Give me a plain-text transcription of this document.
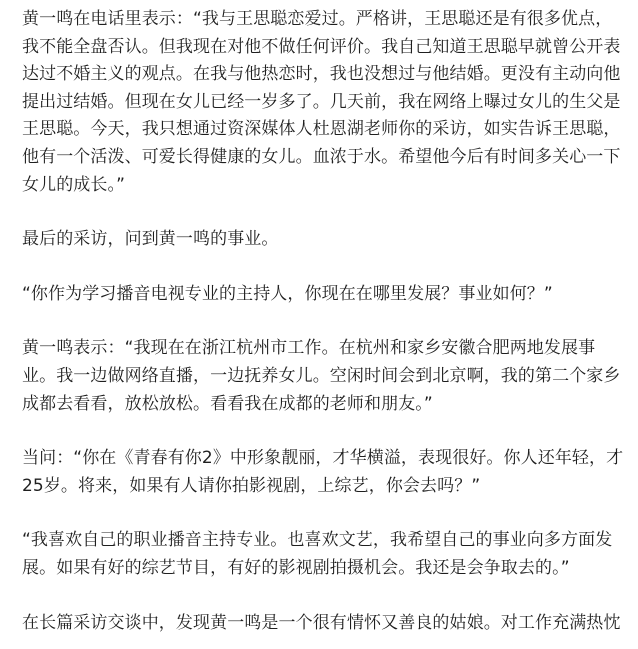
黄一鸣在电话里表示：“我与王思聪恋爱过。严格讲，王思聪还是有很多优点，我不能全盘否认。但我现在对他不做任何评价。我自己知道王思聪早就曾公开表达过不婚主义的观点。在我与他热恋时，我也没想过与他结婚。更没有主动向他提出过结婚。但现在女儿已经一岁多了。几天前，我在网络上曝过女儿的生父是王思聪。今天，我只想通过资深媒体人杜恩湖老师你的采访，如实告诉王思聪，他有一个活泼、可爱长得健康的女儿。血浓于水。希望他今后有时间多关心一下女儿的成长。”

最后的采访，问到黄一鸣的事业。

“你作为学习播音电视专业的主持人，你现在在哪里发展？事业如何？”

黄一鸣表示：“我现在在浙江杭州市工作。在杭州和家乡安徽合肥两地发展事业。我一边做网络直播，一边抚养女儿。空闲时间会到北京啊，我的第二个家乡成都去看看，放松放松。看看我在成都的老师和朋友。”

当问：“你在《青春有你2》中形象靓丽，才华横溢，表现很好。你人还年轻，才25岁。将来，如果有人请你拍影视剧，上综艺，你会去吗？”

“我喜欢自己的职业播音主持专业。也喜欢文艺，我希望自己的事业向多方面发展。如果有好的综艺节目，有好的影视剧拍摄机会。我还是会争取去的。”

在长篇采访交谈中，发现黄一鸣是一个很有情怀又善良的姑娘。对工作充满热忱
